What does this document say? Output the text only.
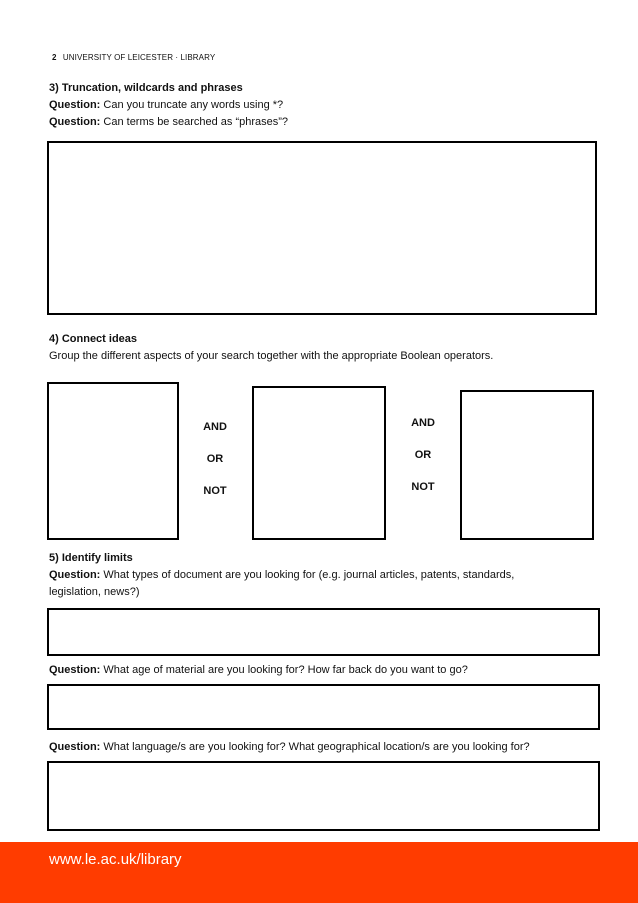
2 UNIVERSITY OF LEICESTER · LIBRARY
3) Truncation, wildcards and phrases
Question: Can you truncate any words using *?
Question: Can terms be searched as “phrases”?
4) Connect ideas
Group the different aspects of your search together with the appropriate Boolean operators.
AND
OR
NOT
AND
OR
NOT
5) Identify limits
Question: What types of document are you looking for (e.g. journal articles, patents, standards,
legislation, news?)
Question: What age of material are you looking for? How far back do you want to go?
Question: What language/s are you looking for? What geographical location/s are you looking for?
www.le.ac.uk/library
